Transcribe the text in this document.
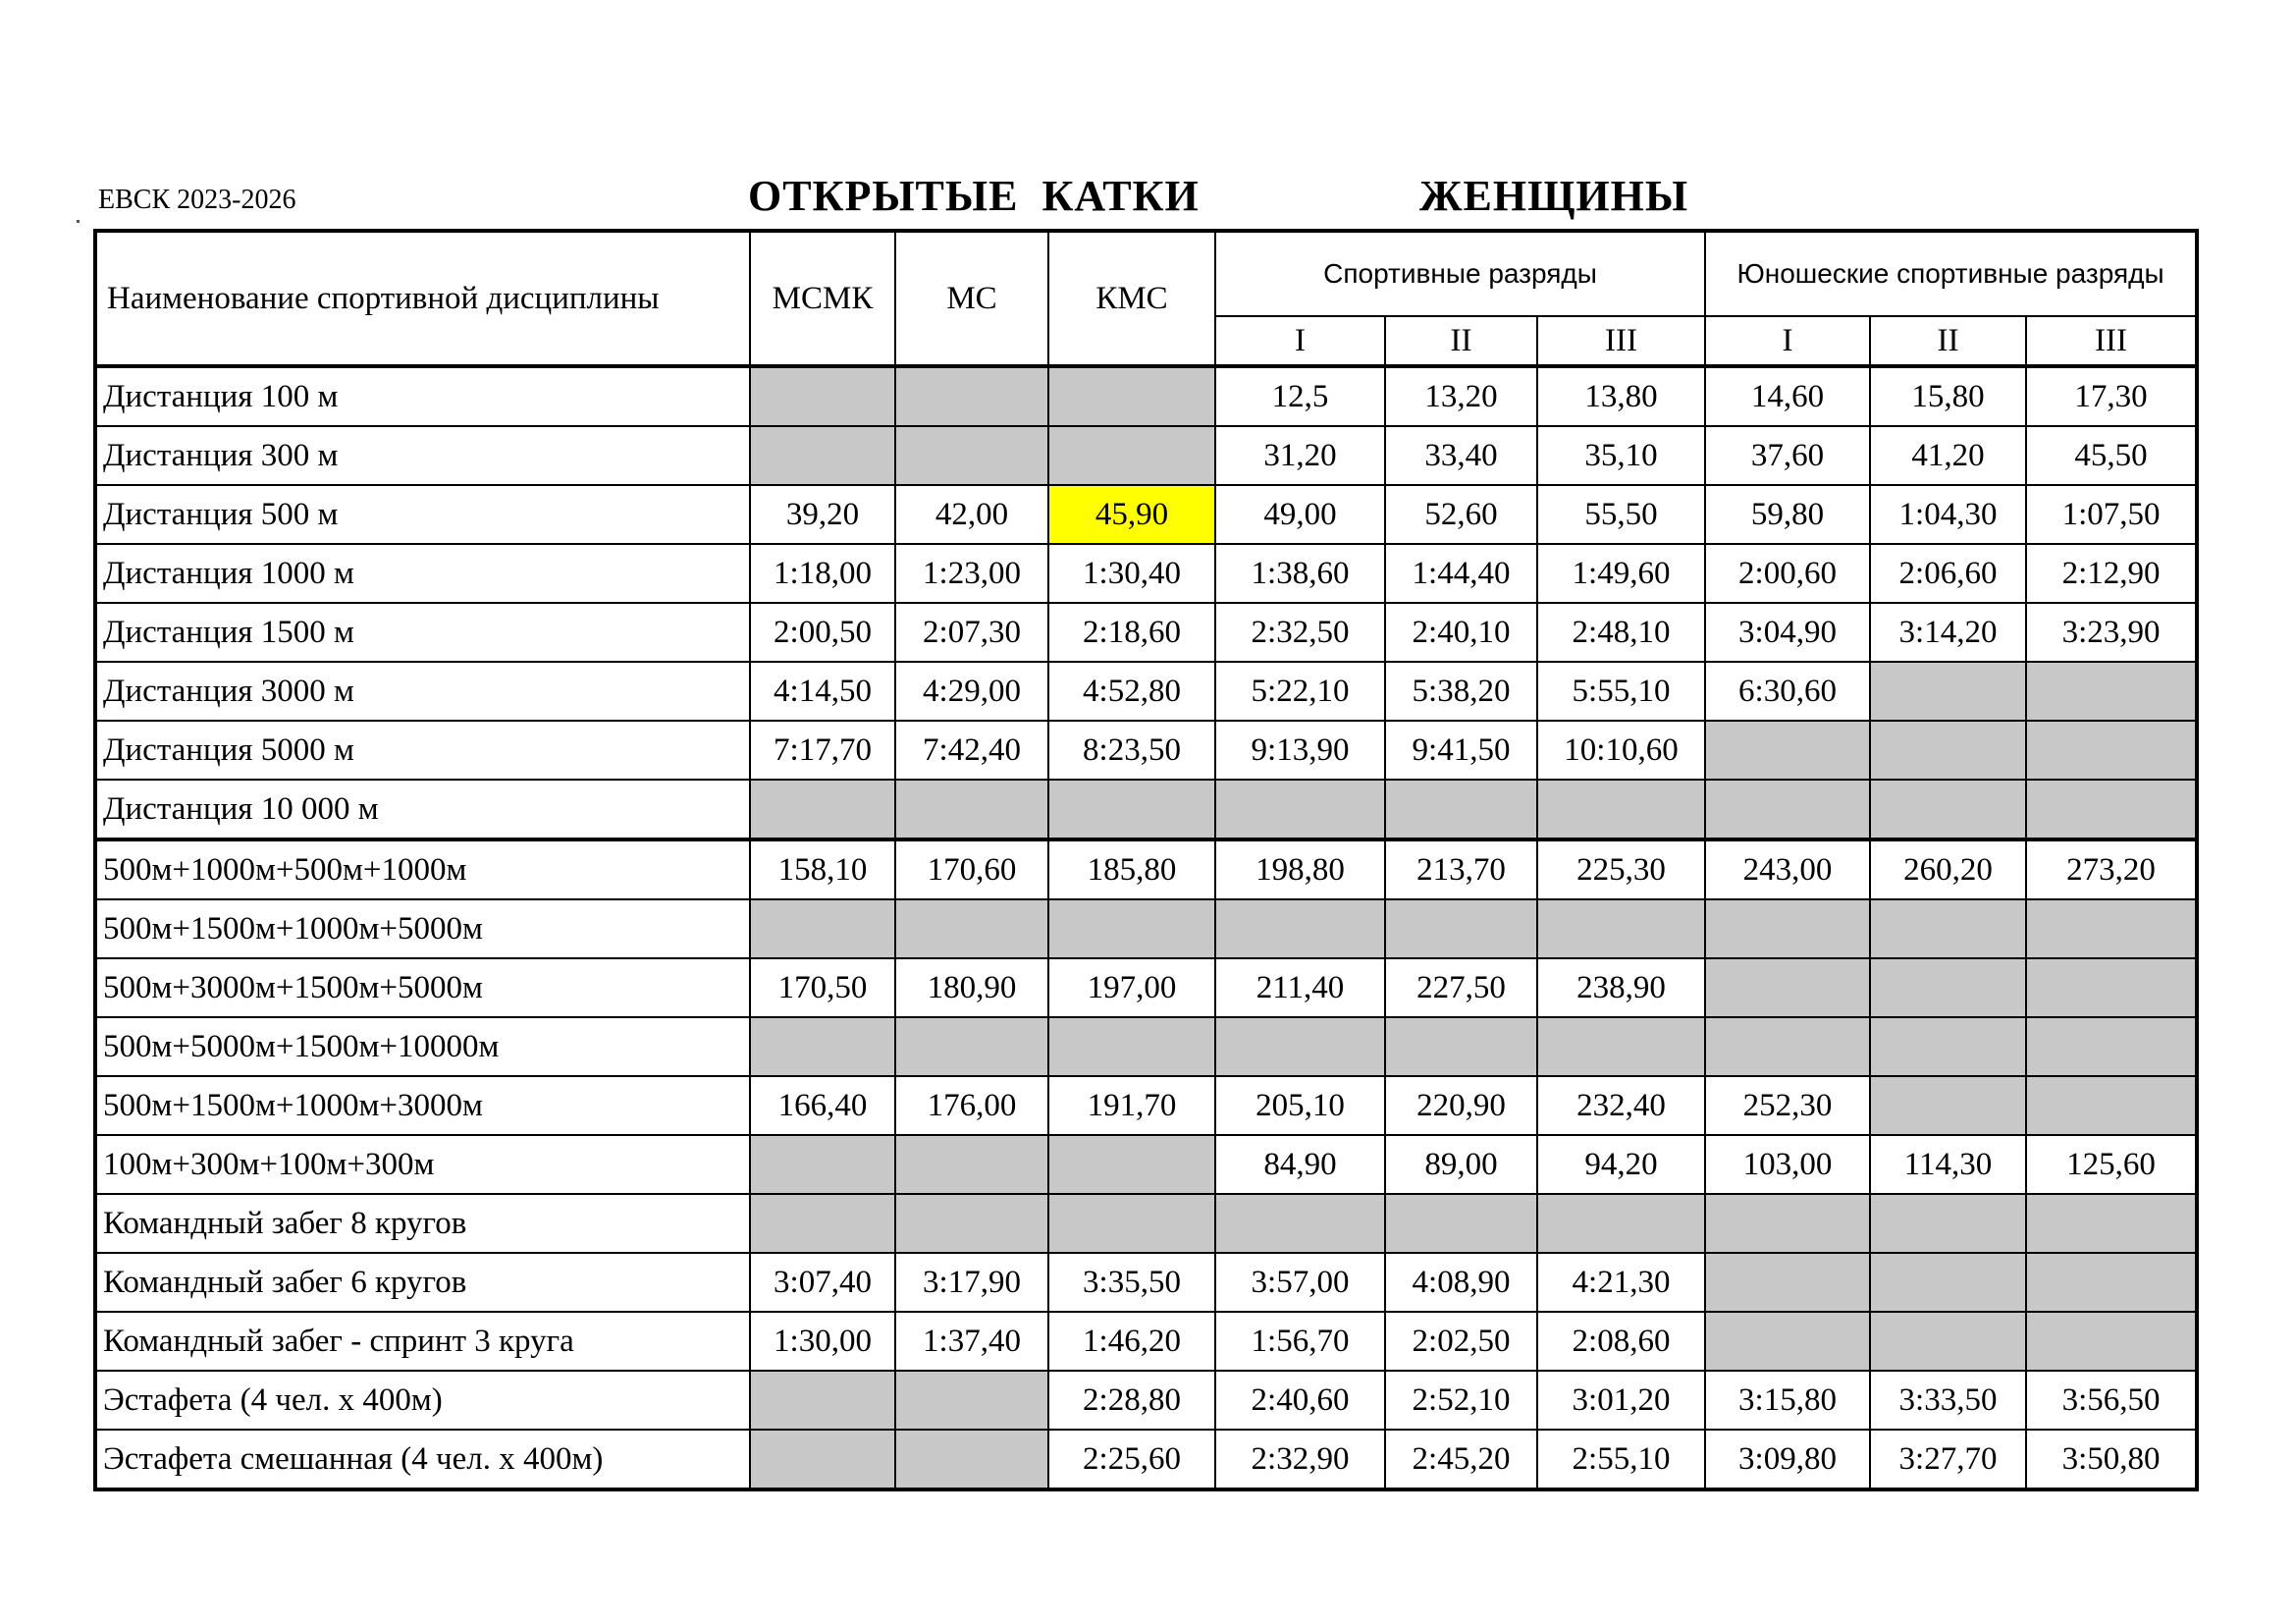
ЕВСК 2023-2026	ОТКРЫТЫЕ  КАТКИ	ЖЕНЩИНЫ
Наименование спортивной дисциплины	МСМК	МС	КМС	Спортивные разряды			Юношеские спортивные разряды		
				I	II	III	I	II	III
Дистанция 100 м				12,5	13,20	13,80	14,60	15,80	17,30
Дистанция 300 м				31,20	33,40	35,10	37,60	41,20	45,50
Дистанция 500 м	39,20	42,00	45,90	49,00	52,60	55,50	59,80	1:04,30	1:07,50
Дистанция 1000 м	1:18,00	1:23,00	1:30,40	1:38,60	1:44,40	1:49,60	2:00,60	2:06,60	2:12,90
Дистанция 1500 м	2:00,50	2:07,30	2:18,60	2:32,50	2:40,10	2:48,10	3:04,90	3:14,20	3:23,90
Дистанция 3000 м	4:14,50	4:29,00	4:52,80	5:22,10	5:38,20	5:55,10	6:30,60		
Дистанция 5000 м	7:17,70	7:42,40	8:23,50	9:13,90	9:41,50	10:10,60			
Дистанция 10 000 м									
500м+1000м+500м+1000м	158,10	170,60	185,80	198,80	213,70	225,30	243,00	260,20	273,20
500м+1500м+1000м+5000м									
500м+3000м+1500м+5000м	170,50	180,90	197,00	211,40	227,50	238,90			
500м+5000м+1500м+10000м									
500м+1500м+1000м+3000м	166,40	176,00	191,70	205,10	220,90	232,40	252,30		
100м+300м+100м+300м				84,90	89,00	94,20	103,00	114,30	125,60
Командный забег 8 кругов									
Командный забег 6 кругов	3:07,40	3:17,90	3:35,50	3:57,00	4:08,90	4:21,30			
Командный забег - спринт 3 круга	1:30,00	1:37,40	1:46,20	1:56,70	2:02,50	2:08,60			
Эстафета (4 чел. х 400м)			2:28,80	2:40,60	2:52,10	3:01,20	3:15,80	3:33,50	3:56,50
Эстафета смешанная (4 чел. х 400м)			2:25,60	2:32,90	2:45,20	2:55,10	3:09,80	3:27,70	3:50,80
